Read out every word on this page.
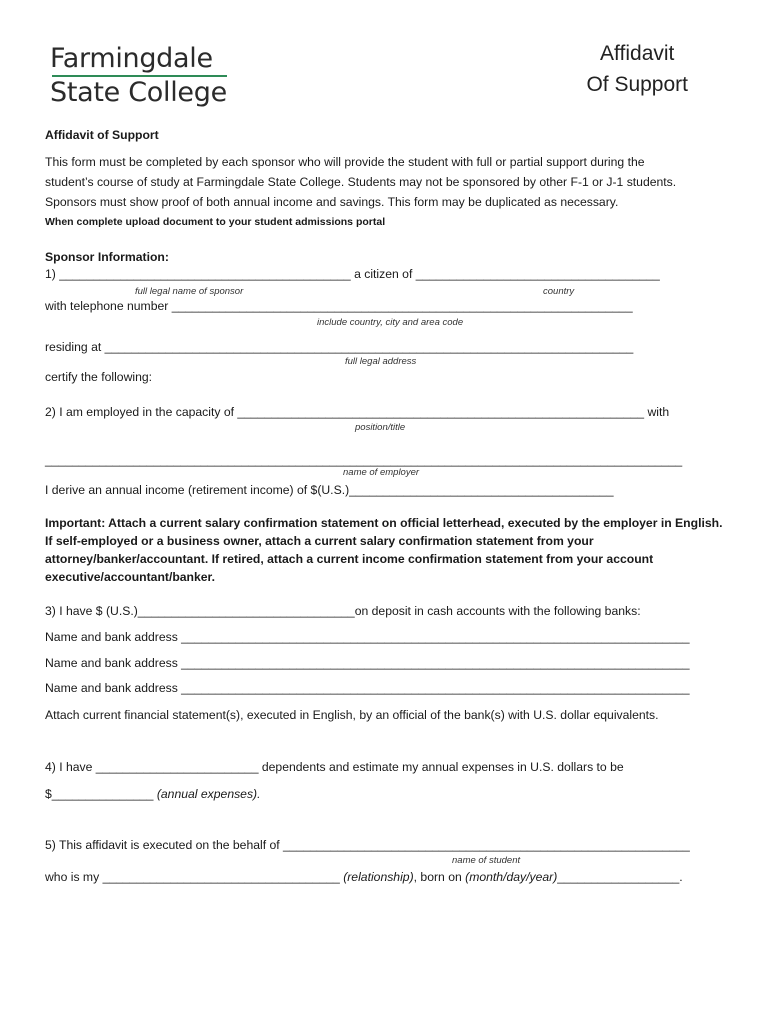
Farmingdale
State College
Affidavit
Of Support
Affidavit of Support
This form must be completed by each sponsor who will provide the student with full or partial support during the
student’s course of study at Farmingdale State College. Students may not be sponsored by other F-1 or J-1 students.
Sponsors must show proof of both annual income and savings. This form may be duplicated as necessary.
When complete upload document to your student admissions portal
Sponsor Information:
1) ___________________________________________ a citizen of ____________________________________
full legal name of sponsor	country
with telephone number ____________________________________________________________________
include country, city and area code
residing at ______________________________________________________________________________
full legal address
certify the following:
2) I am employed in the capacity of ____________________________________________________________ with
position/title
______________________________________________________________________________________________
name of employer
I derive an annual income (retirement income) of $(U.S.)_______________________________________
Important: Attach a current salary confirmation statement on official letterhead, executed by the employer in English.
If self-employed or a business owner, attach a current salary confirmation statement from your
attorney/banker/accountant. If retired, attach a current income confirmation statement from your account
executive/accountant/banker.
3) I have $ (U.S.)________________________________on deposit in cash accounts with the following banks:
Name and bank address ___________________________________________________________________________
Name and bank address ___________________________________________________________________________
Name and bank address ___________________________________________________________________________
Attach current financial statement(s), executed in English, by an official of the bank(s) with U.S. dollar equivalents.
4) I have ________________________ dependents and estimate my annual expenses in U.S. dollars to be
$_______________ (annual expenses).
5) This affidavit is executed on the behalf of ____________________________________________________________
name of student
who is my ___________________________________ (relationship), born on (month/day/year)__________________.
